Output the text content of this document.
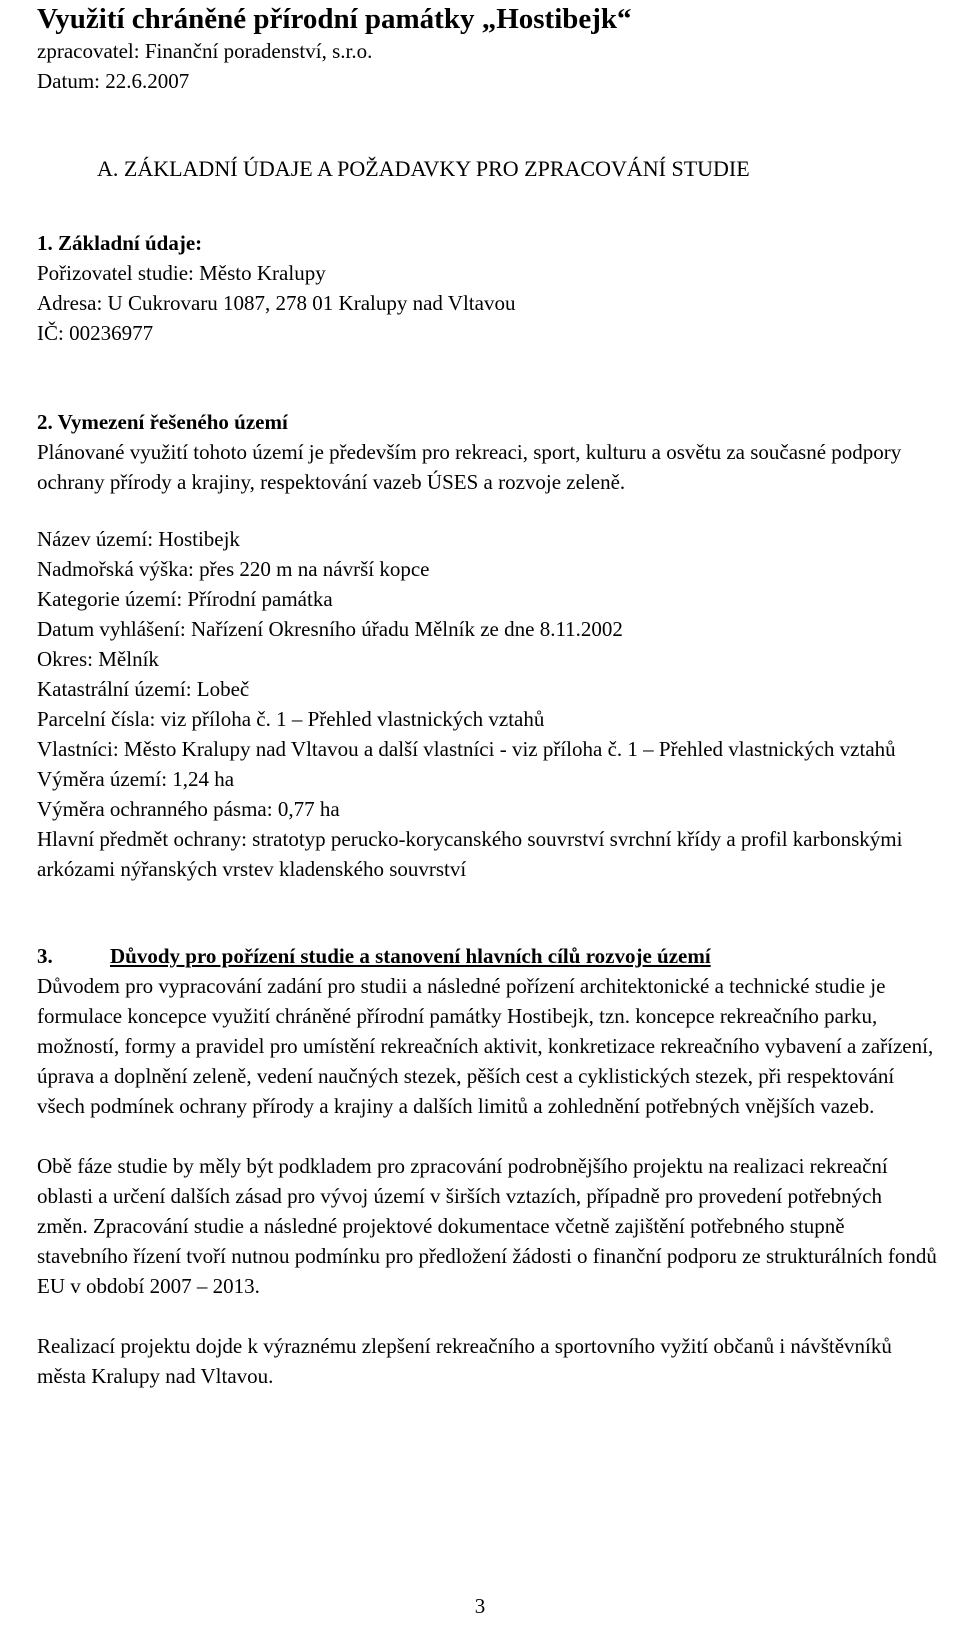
Využití chráněné přírodní památky „Hostibejk“

zpracovatel: Finanční poradenství, s.r.o.

Datum: 22.6.2007

A. ZÁKLADNÍ ÚDAJE A POŽADAVKY PRO ZPRACOVÁNÍ STUDIE

1. Základní údaje:

Pořizovatel studie: Město Kralupy

Adresa: U Cukrovaru 1087, 278 01 Kralupy nad Vltavou

IČ: 00236977

2. Vymezení řešeného území

Plánované využití tohoto území je především pro rekreaci, sport, kulturu a osvětu za současné podpory ochrany přírody a krajiny, respektování vazeb ÚSES a rozvoje zeleně.

Název území: Hostibejk

Nadmořská výška: přes 220 m na návrší kopce

Kategorie území: Přírodní památka

Datum vyhlášení: Nařízení Okresního úřadu Mělník ze dne 8.11.2002

Okres: Mělník

Katastrální území: Lobeč

Parcelní čísla: viz příloha č. 1 – Přehled vlastnických vztahů

Vlastníci: Město Kralupy nad Vltavou a další vlastníci - viz příloha č. 1 – Přehled vlastnických vztahů

Výměra území: 1,24 ha

Výměra ochranného pásma: 0,77 ha

Hlavní předmět ochrany: stratotyp perucko-korycanského souvrství svrchní křídy a profil karbonskými arkózami nýřanských vrstev kladenského souvrství

3.	Důvody pro pořízení studie a stanovení hlavních cílů rozvoje území

Důvodem pro vypracování zadání pro studii a následné pořízení architektonické a technické studie je formulace koncepce využití chráněné přírodní památky Hostibejk, tzn. koncepce rekreačního parku, možností, formy a pravidel pro umístění rekreačních aktivit, konkretizace rekreačního vybavení a zařízení, úprava a doplnění zeleně, vedení naučných stezek, pěších cest a cyklistických stezek, při respektování všech podmínek ochrany přírody a krajiny a dalších limitů a zohlednění potřebných vnějších vazeb.

Obě fáze studie by měly být podkladem pro zpracování podrobnějšího projektu na realizaci rekreační oblasti a určení dalších zásad pro vývoj území v širších vztazích, případně pro provedení potřebných změn. Zpracování studie a následné projektové dokumentace včetně zajištění potřebného stupně stavebního řízení tvoří nutnou podmínku pro předložení žádosti o finanční podporu ze strukturálních fondů EU v období 2007 – 2013.

Realizací projektu dojde k výraznému zlepšení rekreačního a sportovního vyžití občanů i návštěvníků města Kralupy nad Vltavou.

3
